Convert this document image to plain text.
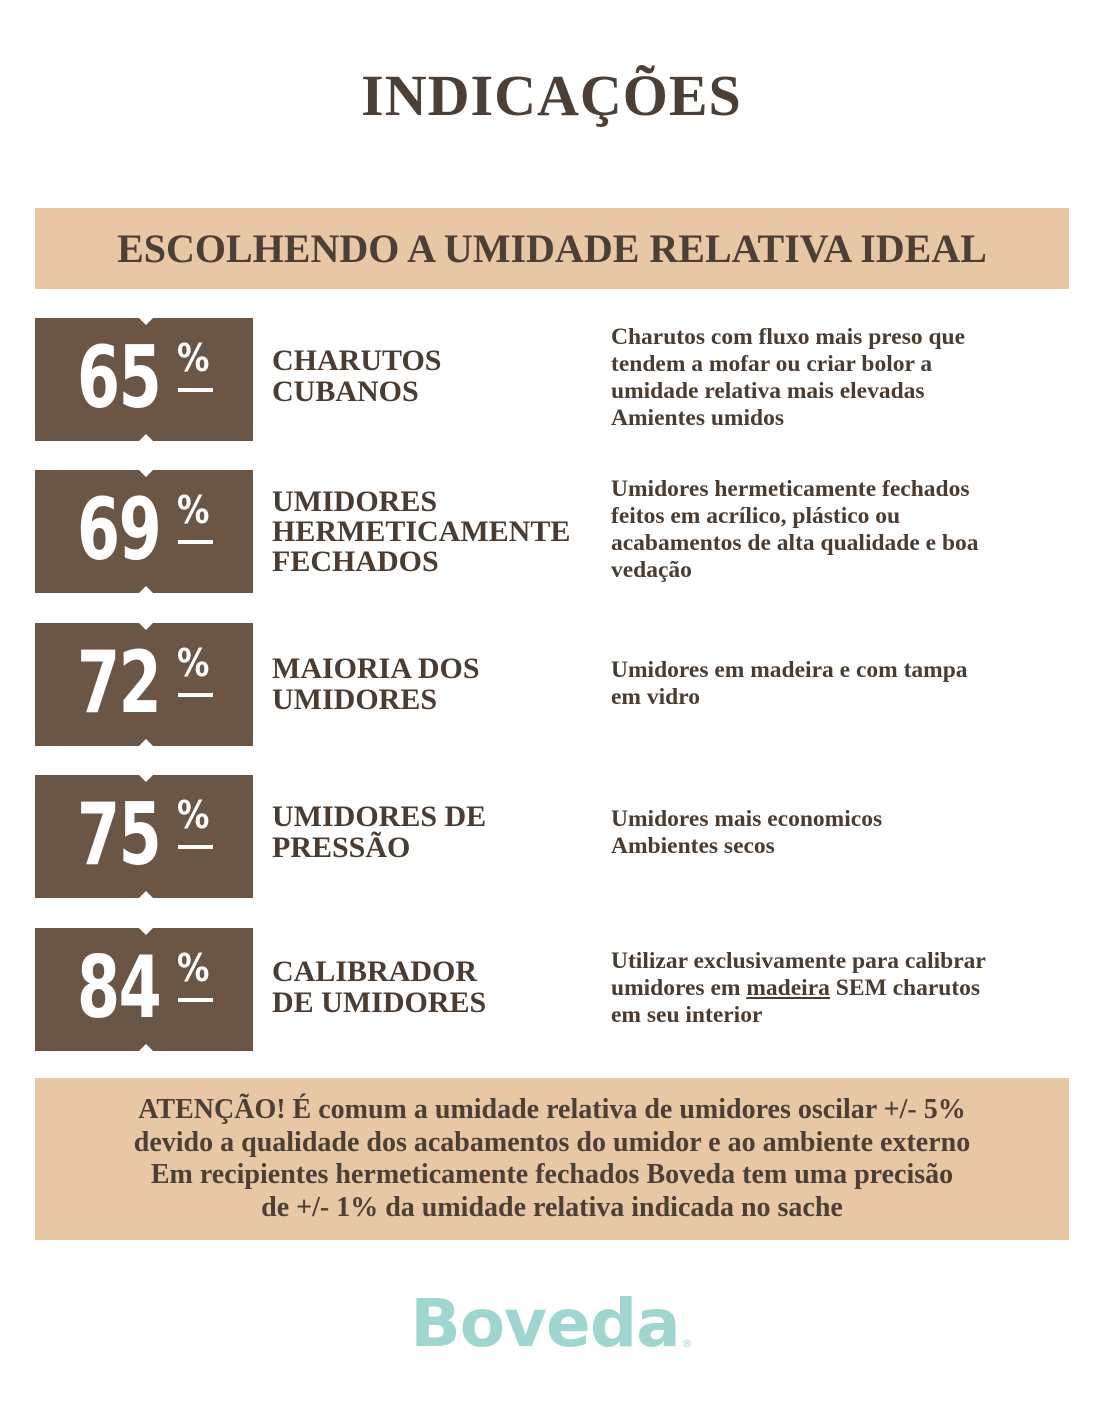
INDICAÇÕES
ESCOLHENDO A UMIDADE RELATIVA IDEAL
65 % CHARUTOS
CUBANOS
Charutos com fluxo mais preso que
tendem a mofar ou criar bolor a
umidade relativa mais elevadas
Amientes umidos
69 % UMIDORES
HERMETICAMENTE
FECHADOS
Umidores hermeticamente fechados
feitos em acrílico, plástico ou
acabamentos de alta qualidade e boa
vedação
72 % MAIORIA DOS
UMIDORES
Umidores em madeira e com tampa
em vidro
75 % UMIDORES DE
PRESSÃO
Umidores mais economicos
Ambientes secos
84 % CALIBRADOR
DE UMIDORES
Utilizar exclusivamente para calibrar
umidores em madeira SEM charutos
em seu interior
ATENÇÃO! É comum a umidade relativa de umidores oscilar +/- 5%
devido a qualidade dos acabamentos do umidor e ao ambiente externo
Em recipientes hermeticamente fechados Boveda tem uma precisão
de +/- 1% da umidade relativa indicada no sache
Boveda ®
